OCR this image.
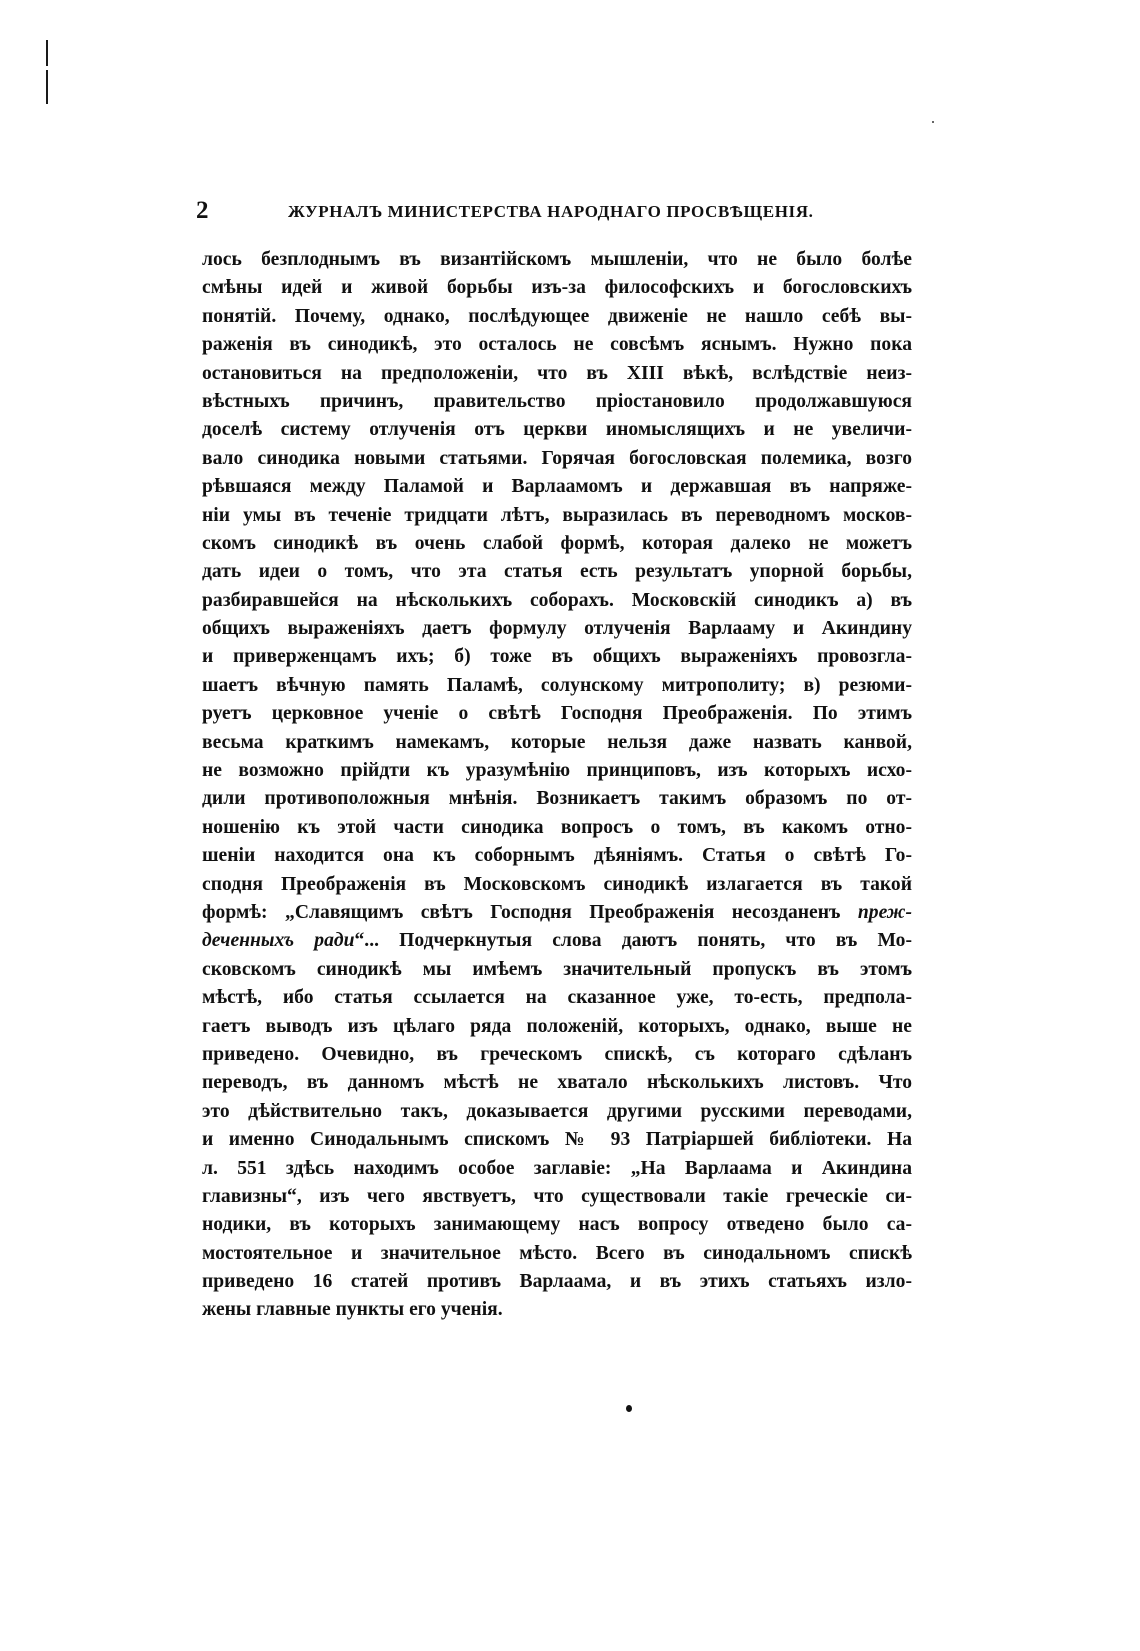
2	ЖУРНАЛЪ МИНИСТЕРСТВА НАРОДНАГО ПРОСВѢЩЕНІЯ.
лось безплоднымъ въ византійскомъ мышленіи, что не было болѣе
смѣны идей и живой борьбы изъ-за философскихъ и богословскихъ
понятій. Почему, однако, послѣдующее движеніе не нашло себѣ вы-
раженія въ синодикѣ, это осталось не совсѣмъ яснымъ. Нужно пока
остановиться на предположеніи, что въ XIII вѣкѣ, вслѣдствіе неиз-
вѣстныхъ причинъ, правительство пріостановило продолжавшуюся
доселѣ систему отлученія отъ церкви иномыслящихъ и не увеличи-
вало синодика новыми статьями. Горячая богословская полемика, возго
рѣвшаяся между Паламой и Варлаамомъ и державшая въ напряже-
ніи умы въ теченіе тридцати лѣтъ, выразилась въ переводномъ москов-
скомъ синодикѣ въ очень слабой формѣ, которая далеко не можетъ
дать идеи о томъ, что эта статья есть результатъ упорной борьбы,
разбиравшейся на нѣсколькихъ соборахъ. Московскій синодикъ а) въ
общихъ выраженіяхъ даетъ формулу отлученія Варлааму и Акиндину
и приверженцамъ ихъ; б) тоже въ общихъ выраженіяхъ провозгла-
шаетъ вѣчную память Паламѣ, солунскому митрополиту; в) резюми-
руетъ церковное ученіе о свѣтѣ Господня Преображенія. По этимъ
весьма краткимъ намекамъ, которые нельзя даже назвать канвой,
не возможно прійдти къ уразумѣнію принциповъ, изъ которыхъ исхо-
дили противоположныя мнѣнія. Возникаетъ такимъ образомъ по от-
ношенію къ этой части синодика вопросъ о томъ, въ какомъ отно-
шеніи находится она къ соборнымъ дѣяніямъ. Статья о свѣтѣ Го-
сподня Преображенія въ Московскомъ синодикѣ излагается въ такой
формѣ: „Славящимъ свѣтъ Господня Преображенія несозданенъ преж-
деченныхъ ради“... Подчеркнутыя слова даютъ понять, что въ Мо-
сковскомъ синодикѣ мы имѣемъ значительный пропускъ въ этомъ
мѣстѣ, ибо статья ссылается на сказанное уже, то-есть, предпола-
гаетъ выводъ изъ цѣлаго ряда положеній, которыхъ, однако, выше не
приведено. Очевидно, въ греческомъ спискѣ, съ котораго сдѣланъ
переводъ, въ данномъ мѣстѣ не хватало нѣсколькихъ листовъ. Что
это дѣйствительно такъ, доказывается другими русскими переводами,
и именно Синодальнымъ спискомъ № 93 Патріаршей библіотеки. На
л. 551 здѣсь находимъ особое заглавіе: „На Варлаама и Акиндина
главизны“, изъ чего явствуетъ, что существовали такіе греческіе си-
нодики, въ которыхъ занимающему насъ вопросу отведено было са-
мостоятельное и значительное мѣсто. Всего въ синодальномъ спискѣ
приведено 16 статей противъ Варлаама, и въ этихъ статьяхъ изло-
жены главные пункты его ученія.
